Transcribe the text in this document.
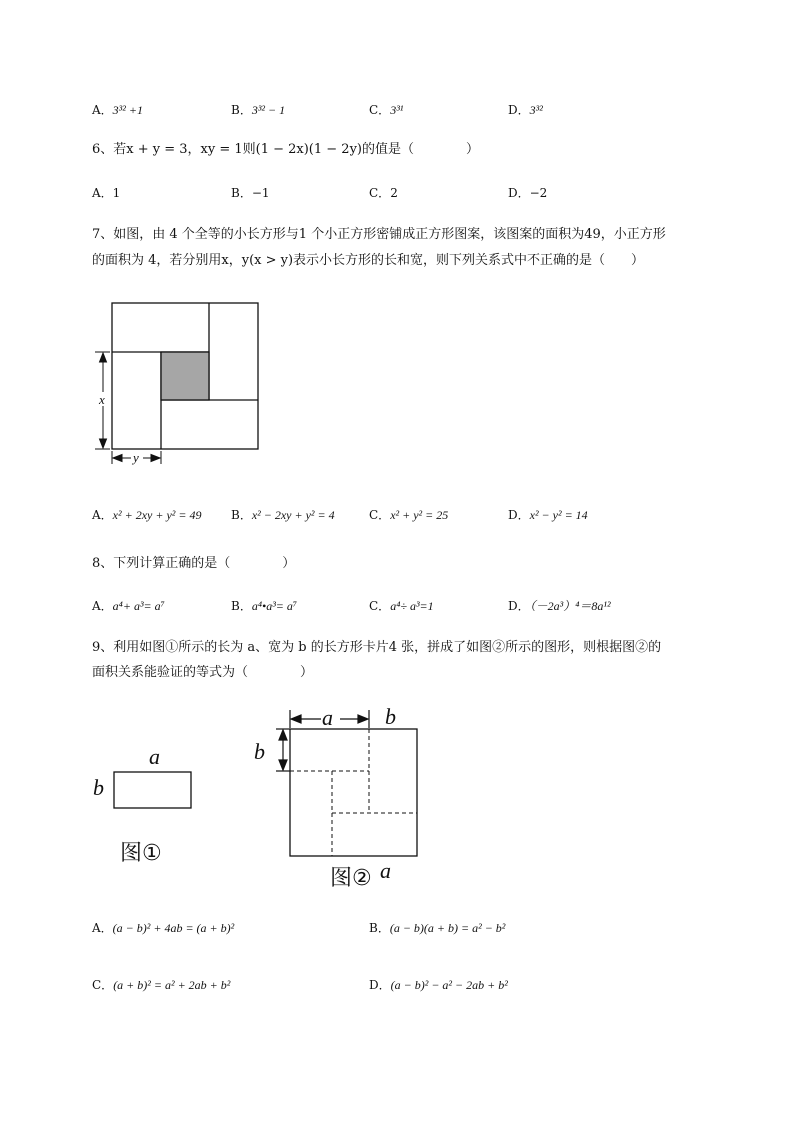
A．3³² +1	B．3³² − 1	C．3³¹	D．3³²
6、若x + y = 3，xy = 1则(1 − 2x)(1 − 2y)的值是（　　　　）
A．1	B．−1	C．2	D．−2
7、如图，由 4 个全等的小长方形与1 个小正方形密铺成正方形图案，该图案的面积为49，小正方形
的面积为 4，若分别用x，y(x > y)表示小长方形的长和宽，则下列关系式中不正确的是（　　）
x
y
A．x² + 2xy + y² = 49 B．x² − 2xy + y² = 4	C．x² + y² = 25	D．x² − y² = 14
8、下列计算正确的是（　　　　）
A．a⁴+ a³= a⁷	B．a⁴•a³= a⁷	C．a⁴÷ a³=1	D．（－2a³）⁴＝8a¹²
9、利用如图①所示的长为 a、宽为 b 的长方形卡片4 张，拼成了如图②所示的图形，则根据图②的
面积关系能验证的等式为（　　　　）
a
b
图①
a b
b
图② a
A．(a − b)² + 4ab = (a + b)²	B．(a − b)(a + b) = a² − b²
C．(a + b)² = a² + 2ab + b²	D．(a − b)² − a² − 2ab + b²
